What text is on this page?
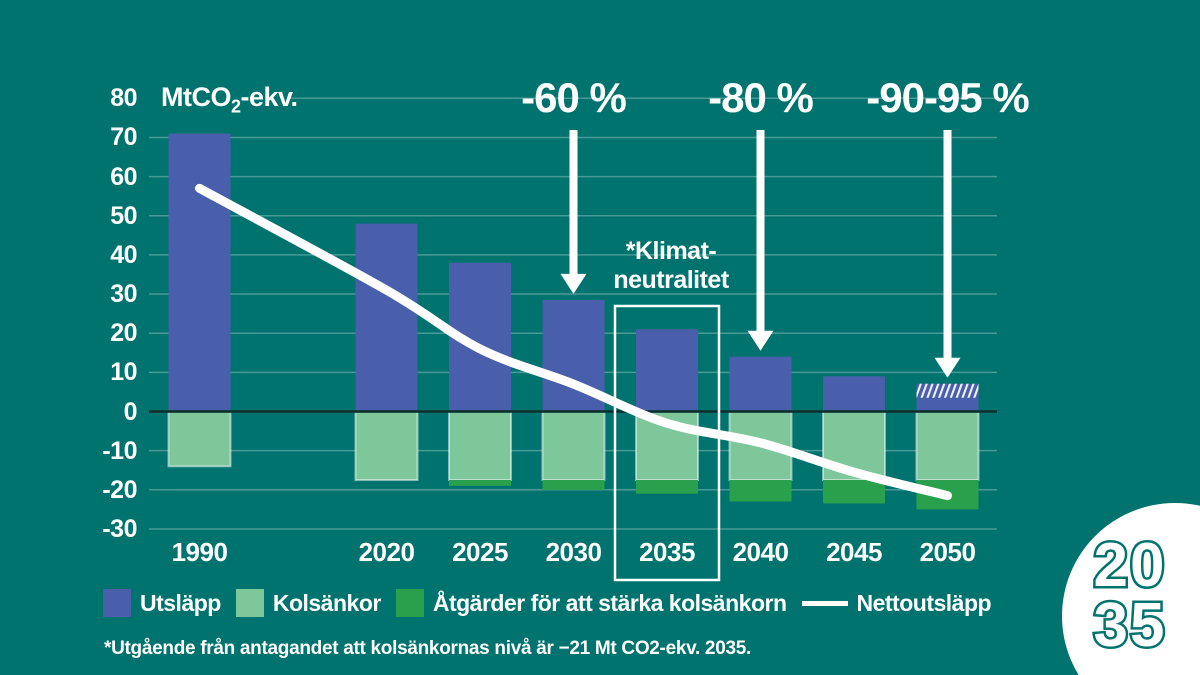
MtCO$_2$-ekv.
80
70
60
50
40
30
20
10
0
-10
-20
-30
1990	2020	2025	2030	2035	2040	2045	2050
-60 %	-80 %	-90-95 %
*Klimat-
neutralitet
Utsläpp Kolsänkor Åtgärder för att stärka kolsänkorn	Nettoutsläpp
*Utgående från antagandet att kolsänkornas nivå är −21 Mt CO2-ekv. 2035.
20
35
